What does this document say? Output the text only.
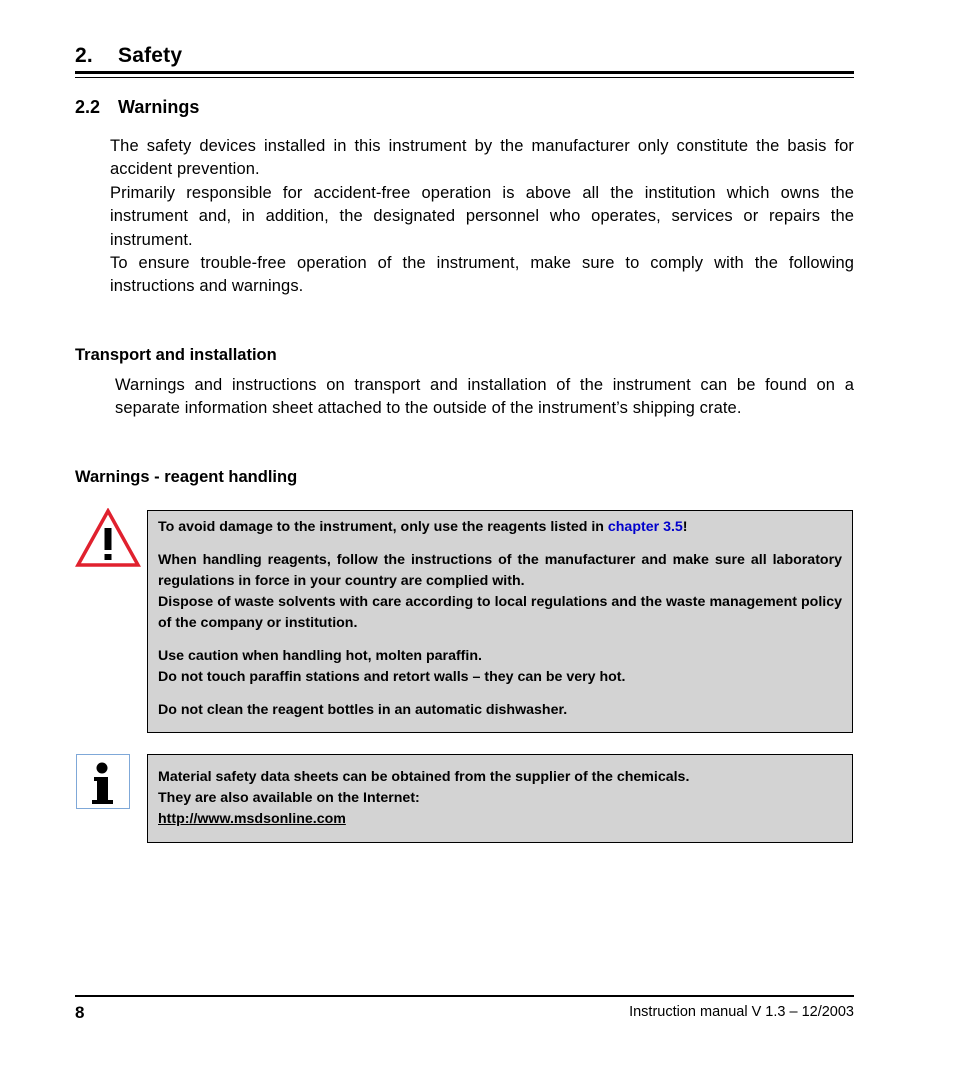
2. Safety
2.2 Warnings

The safety devices installed in this instrument by the manufacturer only constitute the basis for accident prevention.

Primarily responsible for accident-free operation is above all the institution which owns the instrument and, in addition, the designated personnel who operates, services or repairs the instrument.

To ensure trouble-free operation of the instrument, make sure to comply with the following instructions and warnings.

Transport and installation
Warnings and instructions on transport and installation of the instrument can be found on a separate information sheet attached to the outside of the instrument’s shipping crate.
Warnings - reagent handling

To avoid damage to the instrument, only use the reagents listed in chapter 3.5!

When handling reagents, follow the instructions of the manufacturer and make sure all laboratory regulations in force in your country are complied with.

Dispose of waste solvents with care according to local regulations and the waste management policy of the company or institution.

Use caution when handling hot, molten paraffin.

Do not touch paraffin stations and retort walls – they can be very hot.

Do not clean the reagent bottles in an automatic dishwasher.

Material safety data sheets can be obtained from the supplier of the chemicals.

They are also available on the Internet:

http://www.msdsonline.com

8	Instruction manual V 1.3 – 12/2003
